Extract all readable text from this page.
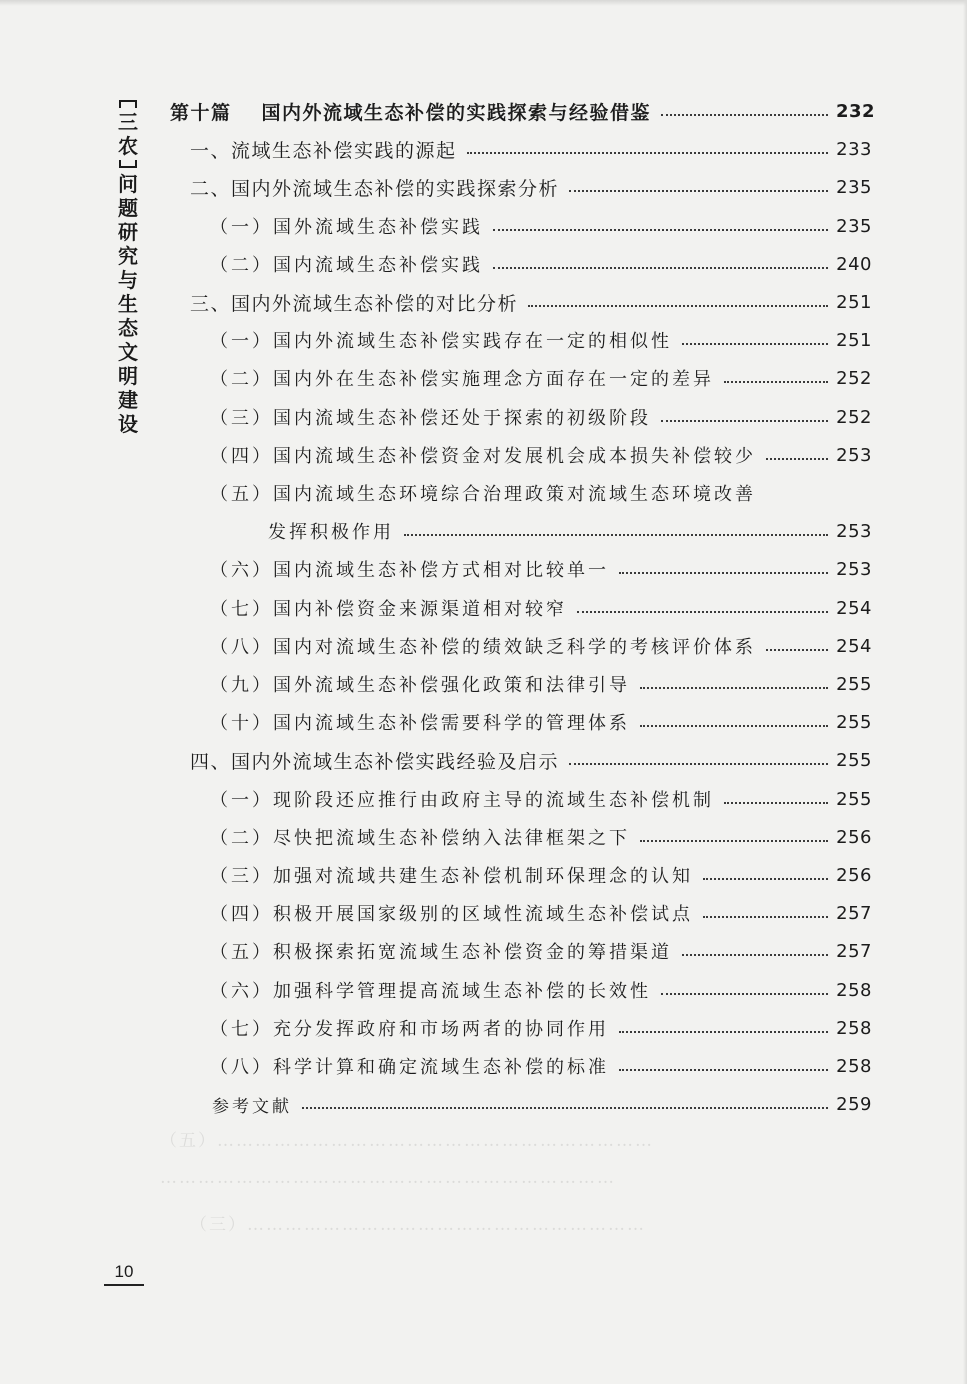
（五）……………………………………………………………
………………………………………………………………
（三）………………………………………………………
三
农
问
题
研
究
与
生
态
文
明
建
设
第十篇 国内外流域生态补偿的实践探索与经验借鉴	232
一、流域生态补偿实践的源起	233
二、国内外流域生态补偿的实践探索分析	235
（一）国外流域生态补偿实践	235
（二）国内流域生态补偿实践	240
三、国内外流域生态补偿的对比分析	251
（一）国内外流域生态补偿实践存在一定的相似性	251
（二）国内外在生态补偿实施理念方面存在一定的差异	252
（三）国内流域生态补偿还处于探索的初级阶段	252
（四）国内流域生态补偿资金对发展机会成本损失补偿较少	253
（五）国内流域生态环境综合治理政策对流域生态环境改善
发挥积极作用	253
（六）国内流域生态补偿方式相对比较单一	253
（七）国内补偿资金来源渠道相对较窄	254
（八）国内对流域生态补偿的绩效缺乏科学的考核评价体系	254
（九）国外流域生态补偿强化政策和法律引导	255
（十）国内流域生态补偿需要科学的管理体系	255
四、国内外流域生态补偿实践经验及启示	255
（一）现阶段还应推行由政府主导的流域生态补偿机制	255
（二）尽快把流域生态补偿纳入法律框架之下	256
（三）加强对流域共建生态补偿机制环保理念的认知	256
（四）积极开展国家级别的区域性流域生态补偿试点	257
（五）积极探索拓宽流域生态补偿资金的筹措渠道	257
（六）加强科学管理提高流域生态补偿的长效性	258
（七）充分发挥政府和市场两者的协同作用	258
（八）科学计算和确定流域生态补偿的标准	258
参考文献	259
10
